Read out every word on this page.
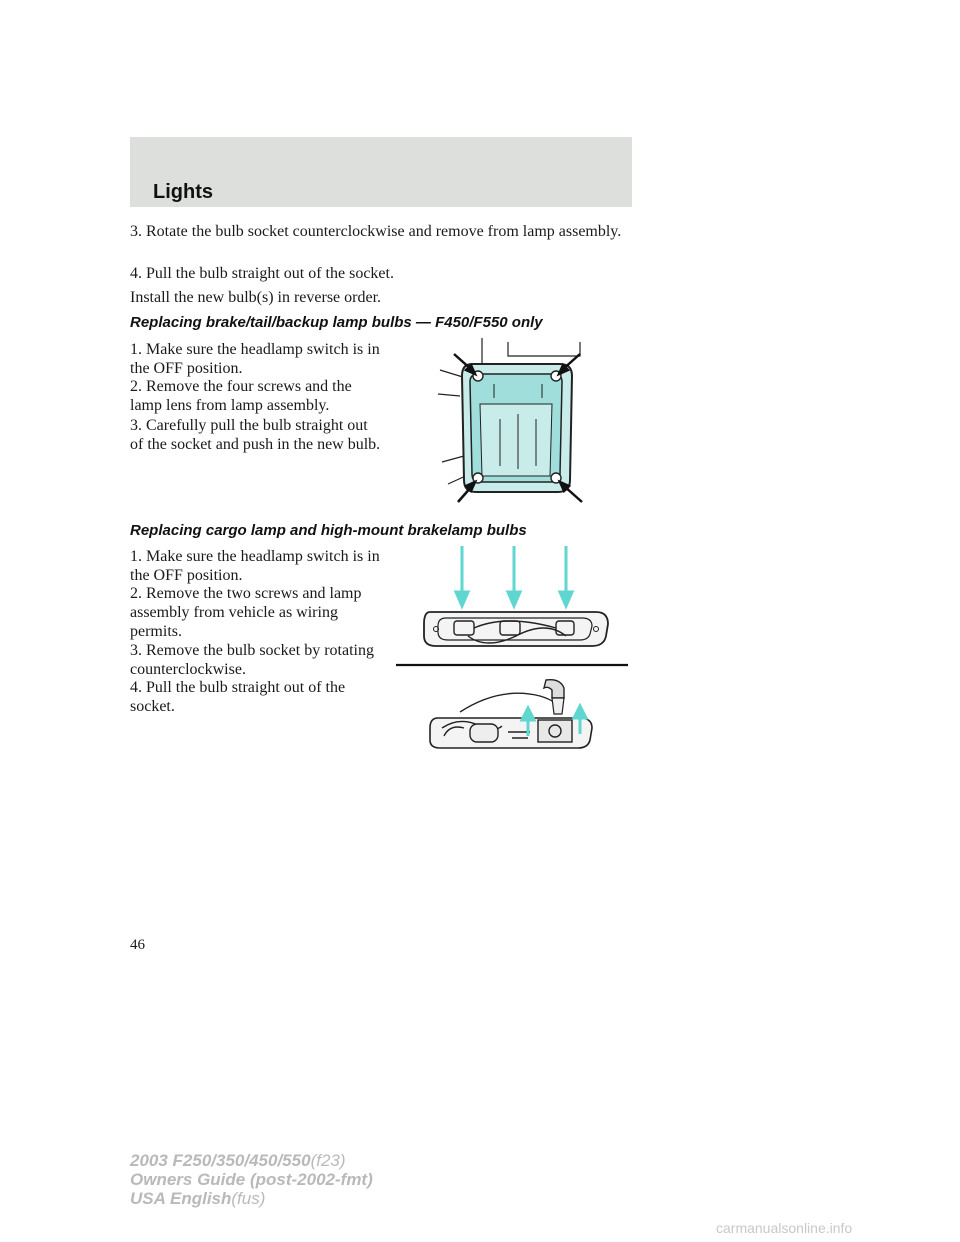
Lights

3. Rotate the bulb socket counterclockwise and remove from lamp assembly.

4. Pull the bulb straight out of the socket.

Install the new bulb(s) in reverse order.

Replacing brake/tail/backup lamp bulbs — F450/F550 only

1. Make sure the headlamp switch is in the OFF position.

2. Remove the four screws and the lamp lens from lamp assembly.

3. Carefully pull the bulb straight out of the socket and push in the new bulb.

Replacing cargo lamp and high-mount brakelamp bulbs

1. Make sure the headlamp switch is in the OFF position.

2. Remove the two screws and lamp assembly from vehicle as wiring permits.

3. Remove the bulb socket by rotating counterclockwise.

4. Pull the bulb straight out of the socket.

46

2003 F250/350/450/550(f23)
Owners Guide (post-2002-fmt)
USA English(fus)

carmanualsonline.info
